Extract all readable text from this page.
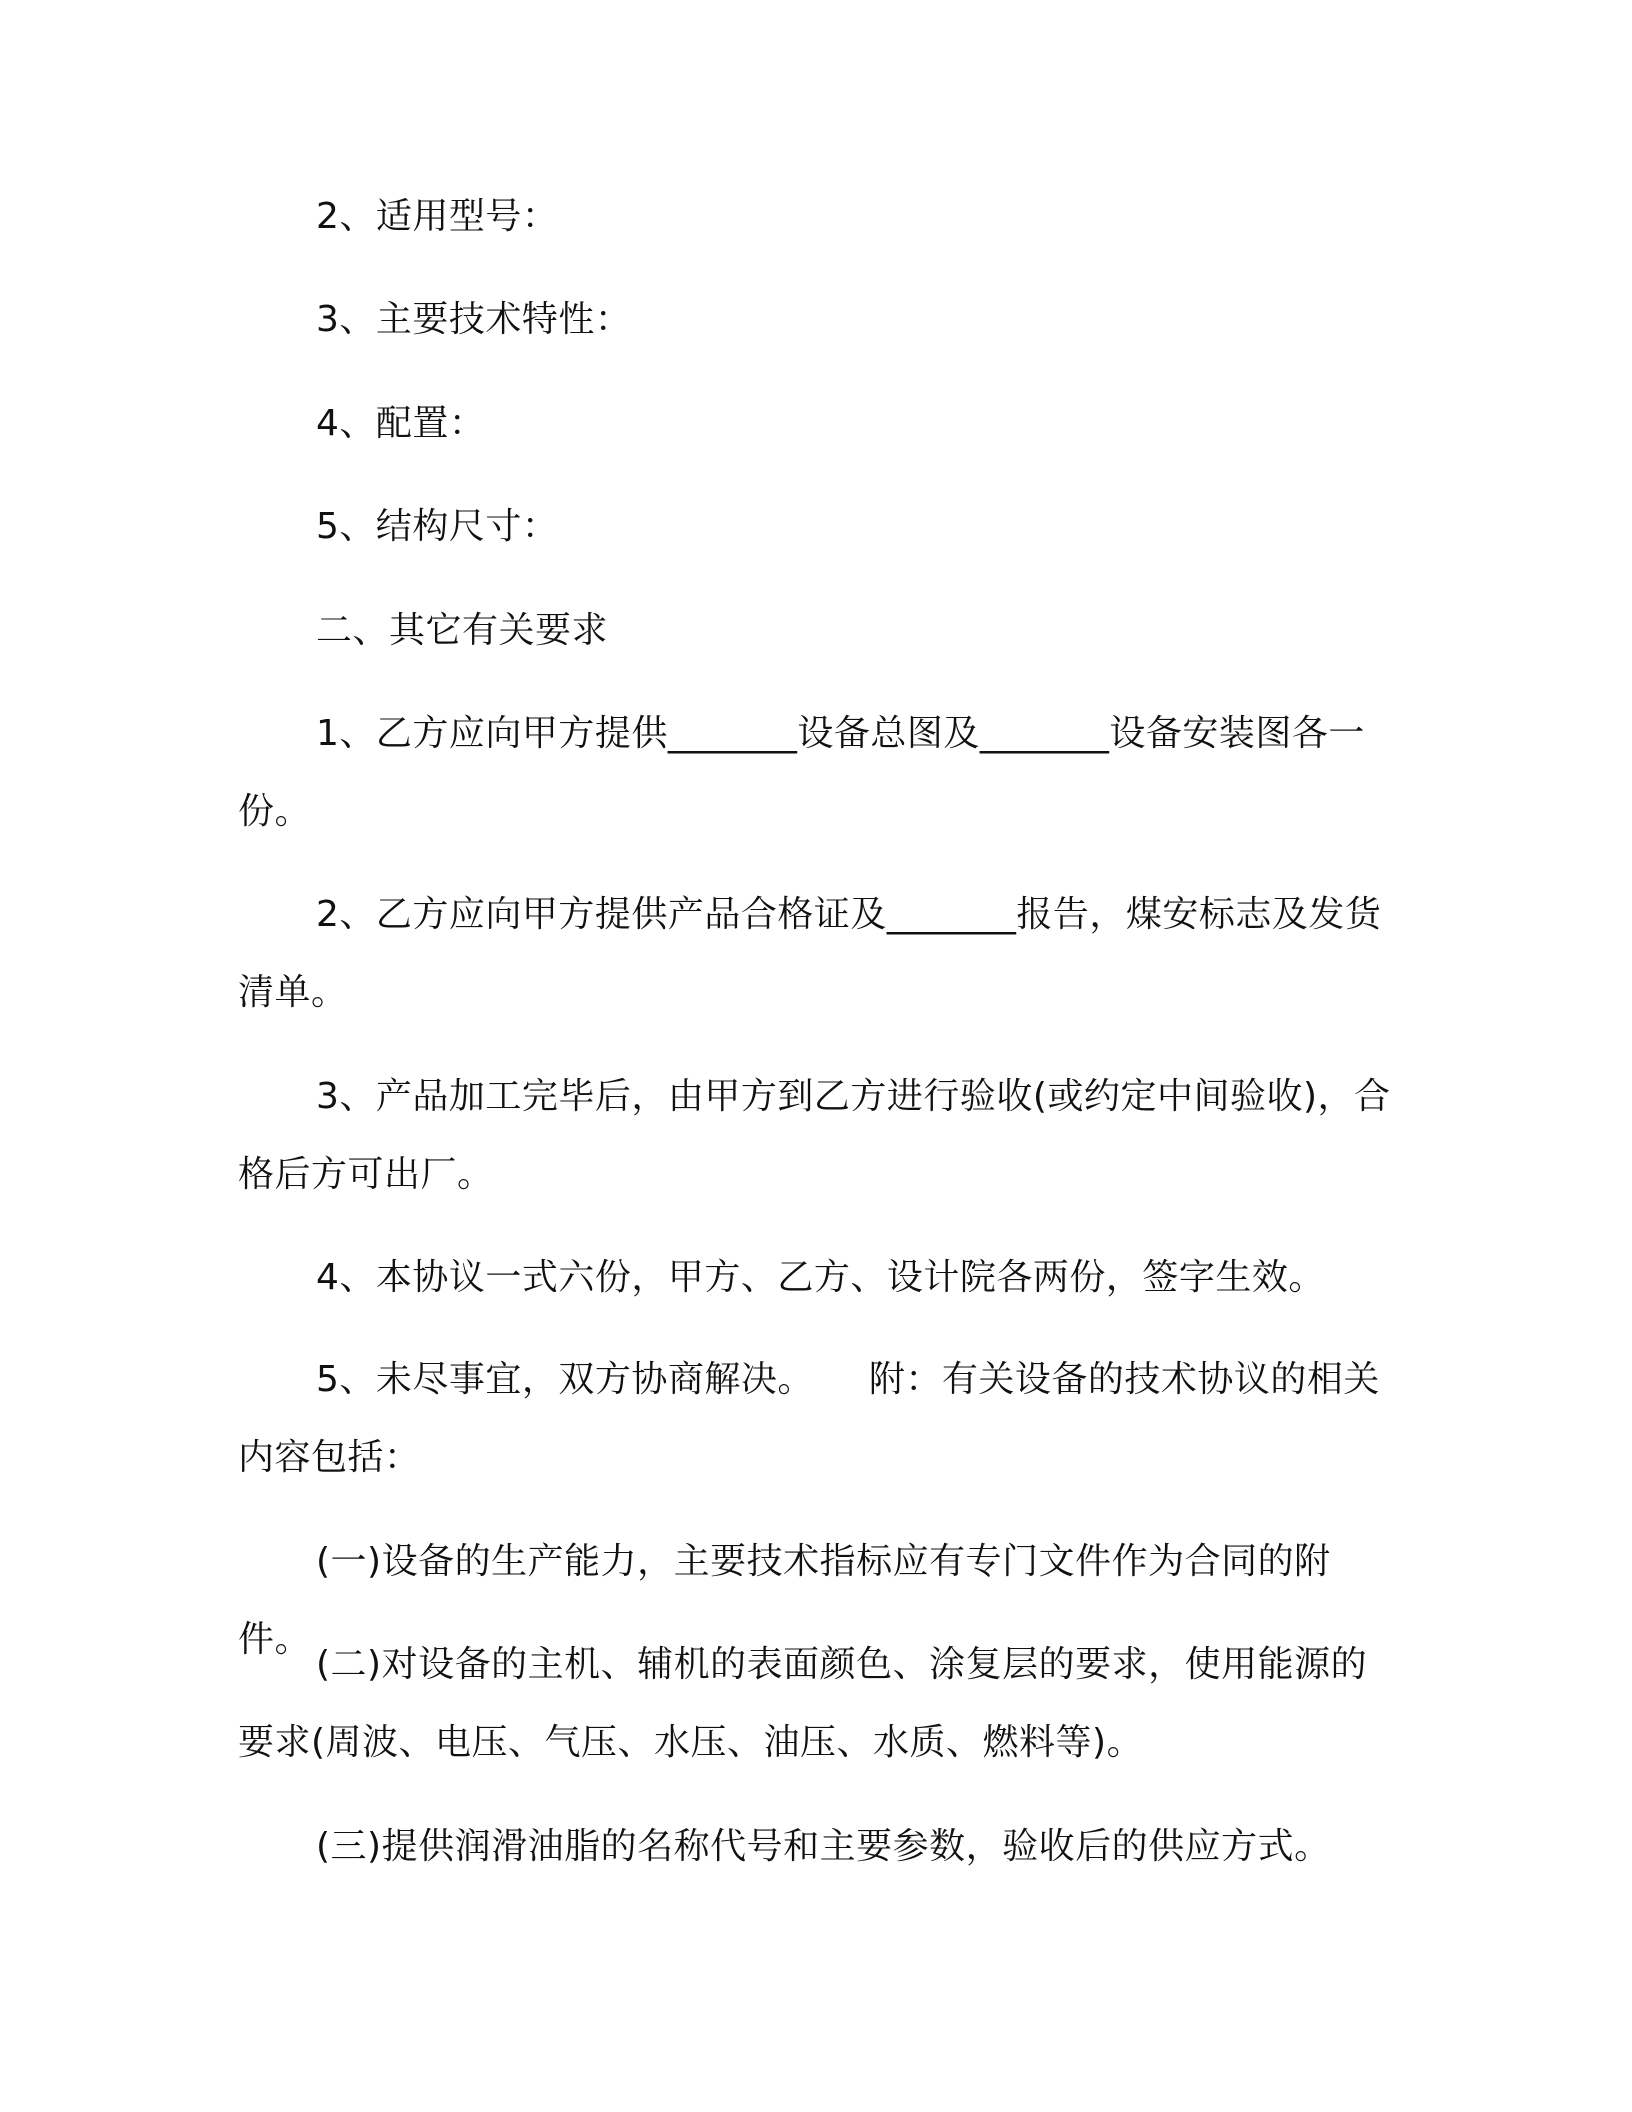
2、适用型号：

3、主要技术特性：

4、配置：

5、结构尺寸：

二、其它有关要求

1、乙方应向甲方提供_______设备总图及_______设备安装图各一份。

2、乙方应向甲方提供产品合格证及_______报告，煤安标志及发货清单。

3、产品加工完毕后，由甲方到乙方进行验收(或约定中间验收)，合格后方可出厂。

4、本协议一式六份，甲方、乙方、设计院各两份，签字生效。

5、未尽事宜，双方协商解决。　　附：有关设备的技术协议的相关内容包括：

(一)设备的生产能力，主要技术指标应有专门文件作为合同的附件。

(二)对设备的主机、辅机的表面颜色、涂复层的要求，使用能源的要求(周波、电压、气压、水压、油压、水质、燃料等)。

(三)提供润滑油脂的名称代号和主要参数，验收后的供应方式。
